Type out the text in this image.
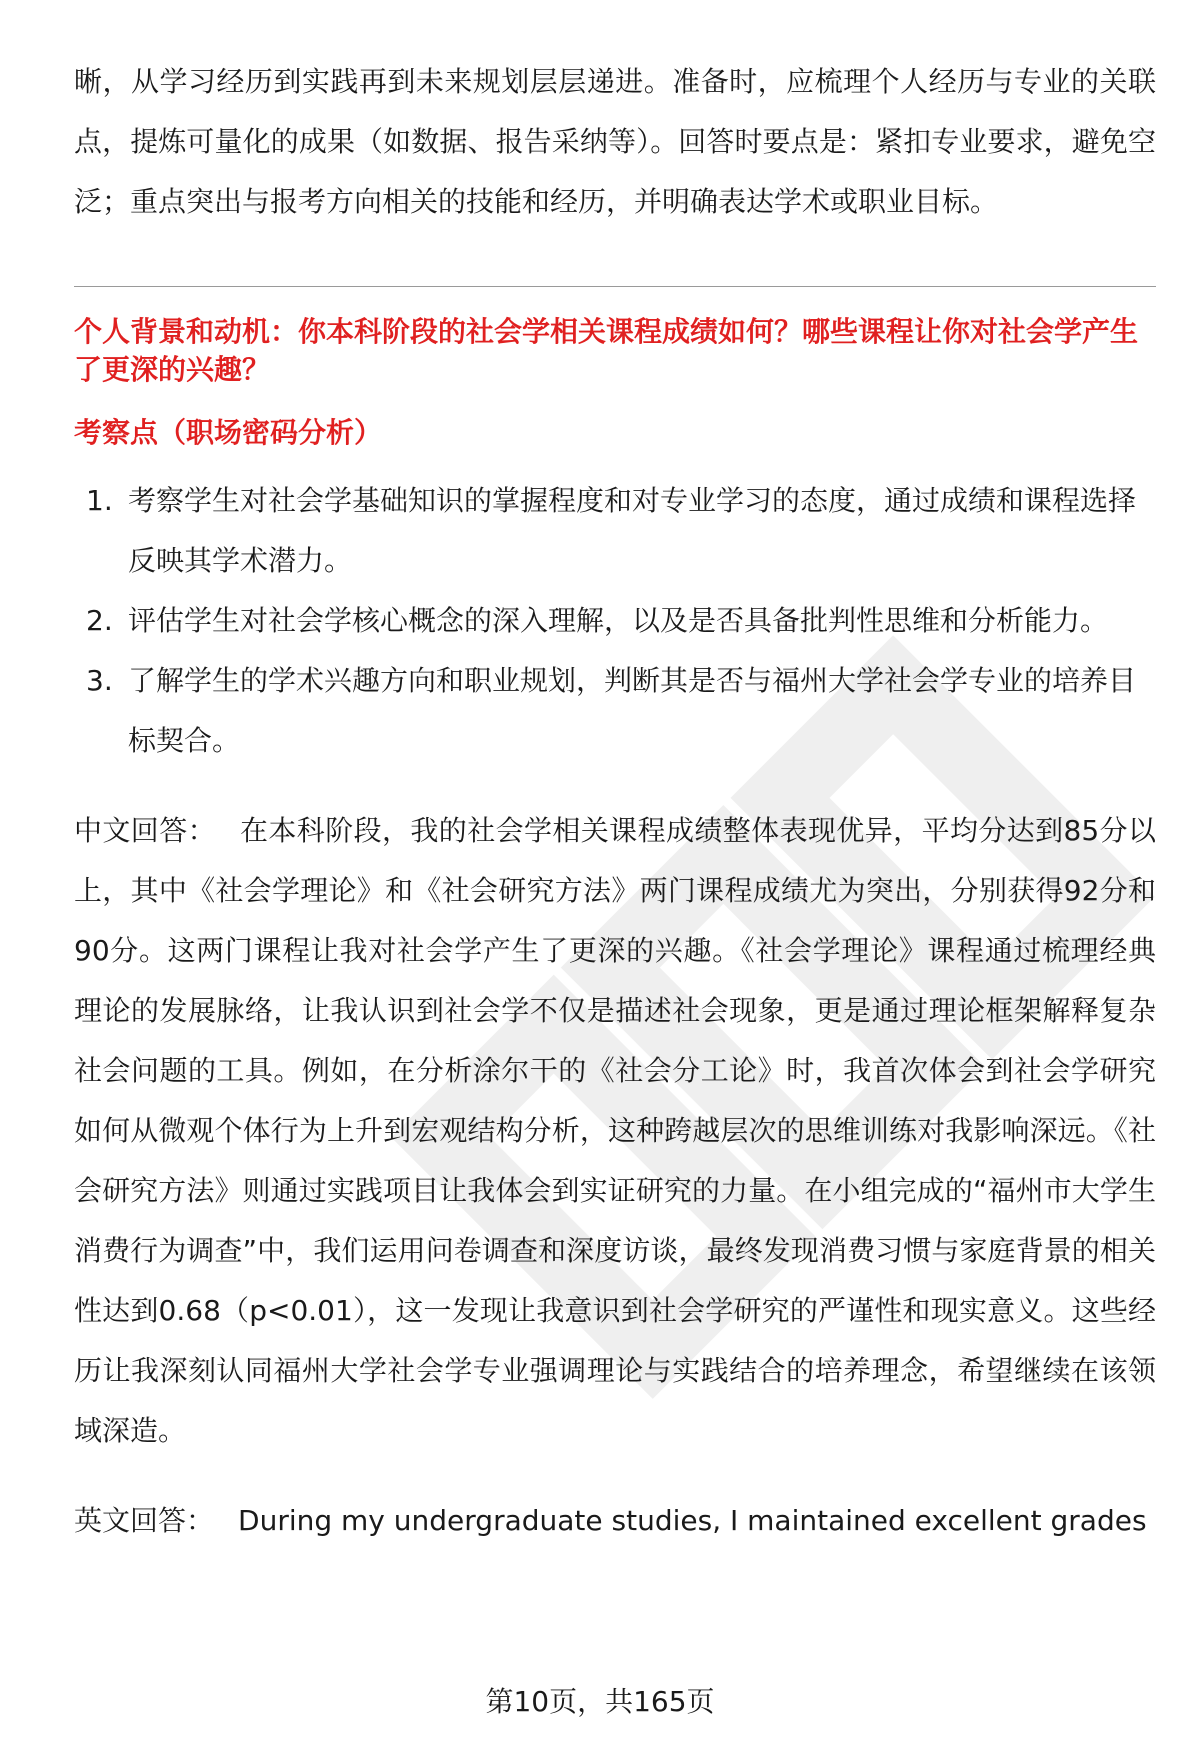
晰，从学习经历到实践再到未来规划层层递进。准备时，应梳理个人经历与专业的关联点，提炼可量化的成果（如数据、报告采纳等）。回答时要点是：紧扣专业要求，避免空泛；重点突出与报考方向相关的技能和经历，并明确表达学术或职业目标。

个人背景和动机：你本科阶段的社会学相关课程成绩如何？哪些课程让你对社会学产生了更深的兴趣？

考察点（职场密码分析）

1. 考察学生对社会学基础知识的掌握程度和对专业学习的态度，通过成绩和课程选择反映其学术潜力。
2. 评估学生对社会学核心概念的深入理解，以及是否具备批判性思维和分析能力。
3. 了解学生的学术兴趣方向和职业规划，判断其是否与福州大学社会学专业的培养目标契合。

中文回答： 在本科阶段，我的社会学相关课程成绩整体表现优异，平均分达到85分以上，其中《社会学理论》和《社会研究方法》两门课程成绩尤为突出，分别获得92分和90分。这两门课程让我对社会学产生了更深的兴趣。《社会学理论》课程通过梳理经典理论的发展脉络，让我认识到社会学不仅是描述社会现象，更是通过理论框架解释复杂社会问题的工具。例如，在分析涂尔干的《社会分工论》时，我首次体会到社会学研究如何从微观个体行为上升到宏观结构分析，这种跨越层次的思维训练对我影响深远。《社会研究方法》则通过实践项目让我体会到实证研究的力量。在小组完成的“福州市大学生消费行为调查”中，我们运用问卷调查和深度访谈，最终发现消费习惯与家庭背景的相关性达到0.68（p<0.01），这一发现让我意识到社会学研究的严谨性和现实意义。这些经历让我深刻认同福州大学社会学专业强调理论与实践结合的培养理念，希望继续在该领域深造。

英文回答： During my undergraduate studies, I maintained excellent grades

第10页，共165页
